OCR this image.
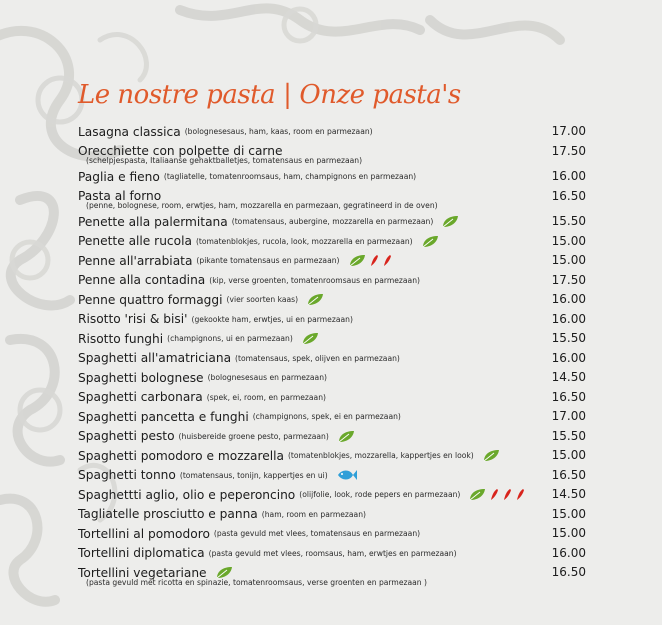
Le nostre pasta | Onze pasta's
Lasagna classica (bolognesesaus, ham, kaas, room en parmezaan)	17.00
Orecchiette con polpette di carne	17.50
(schelpjespasta, Italiaanse gehaktballetjes, tomatensaus en parmezaan)
Paglia e fieno (tagliatelle, tomatenroomsaus, ham, champignons en parmezaan)	16.00
Pasta al forno	16.50
(penne, bolognese, room, erwtjes, ham, mozzarella en parmezaan, gegratineerd in de oven)
Penette alla palermitana (tomatensaus, aubergine, mozzarella en parmezaan)	15.50
Penette alle rucola (tomatenblokjes, rucola, look, mozzarella en parmezaan)	15.00
Penne all'arrabiata (pikante tomatensaus en parmezaan)	15.00
Penne alla contadina (kip, verse groenten, tomatenroomsaus en parmezaan)	17.50
Penne quattro formaggi (vier soorten kaas)	16.00
Risotto 'risi & bisi' (gekookte ham, erwtjes, ui en parmezaan)	16.00
Risotto funghi (champignons, ui en parmezaan)	15.50
Spaghetti all'amatriciana (tomatensaus, spek, olijven en parmezaan)	16.00
Spaghetti bolognese (bolognesesaus en parmezaan)	14.50
Spaghetti carbonara (spek, ei, room, en parmezaan)	16.50
Spaghetti pancetta e funghi (champignons, spek, ei en parmezaan)	17.00
Spaghetti pesto (huisbereide groene pesto, parmezaan)	15.50
Spaghetti pomodoro e mozzarella (tomatenblokjes, mozzarella, kappertjes en look)	15.00
Spaghetti tonno (tomatensaus, tonijn, kappertjes en ui)	16.50
Spaghettti aglio, olio e peperoncino (olijfolie, look, rode pepers en parmezaan)	14.50
Tagliatelle prosciutto e panna (ham, room en parmezaan)	15.00
Tortellini al pomodoro (pasta gevuld met vlees, tomatensaus en parmezaan)	15.00
Tortellini diplomatica (pasta gevuld met vlees, roomsaus, ham, erwtjes en parmezaan)	16.00
Tortellini vegetariane	16.50
(pasta gevuld met ricotta en spinazie, tomatenroomsaus, verse groenten en parmezaan )
